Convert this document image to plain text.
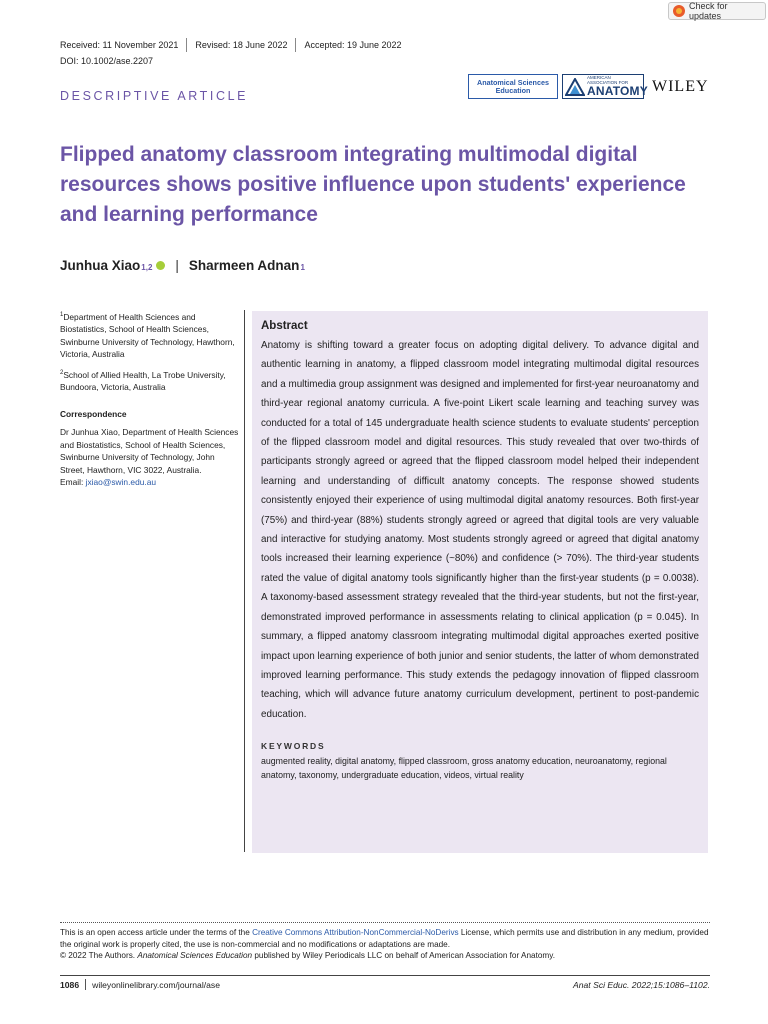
Check for updates
Received: 11 November 2021 Revised: 18 June 2022 Accepted: 19 June 2022
DOI: 10.1002/ase.2207
DESCRIPTIVE ARTICLE
Anatomical Sciences
Education
AMERICAN
ASSOCIATION FOR
ANATOMY WILEY
Flipped anatomy classroom integrating multimodal digital resources shows positive influence upon students' experience and learning performance
Junhua Xiao 1,2 | Sharmeen Adnan 1

$^1$Department of Health Sciences and Biostatistics, School of Health Sciences, Swinburne University of Technology, Hawthorn, Victoria, Australia

$^2$School of Allied Health, La Trobe University, Bundoora, Victoria, Australia

Correspondence

Dr Junhua Xiao, Department of Health Sciences and Biostatistics, School of Health Sciences, Swinburne University of Technology, John Street, Hawthorn, VIC 3022, Australia.
Email: jxiao@swin.edu.au

Abstract

Anatomy is shifting toward a greater focus on adopting digital delivery. To advance digital and authentic learning in anatomy, a flipped classroom model integrating multimodal digital resources and a multimedia group assignment was designed and implemented for first-year neuroanatomy and third-year regional anatomy curricula. A five-point Likert scale learning and teaching survey was conducted for a total of 145 undergraduate health science students to evaluate students' perception of the flipped classroom model and digital resources. This study revealed that over two-thirds of participants strongly agreed or agreed that the flipped classroom model helped their independent learning and understanding of difficult anatomy concepts. The response showed students consistently enjoyed their experience of using multimodal digital anatomy resources. Both first-year (75%) and third-year (88%) students strongly agreed or agreed that digital tools are very valuable and interactive for studying anatomy. Most students strongly agreed or agreed that digital anatomy tools increased their learning experience (~80%) and confidence (> 70%). The third-year students rated the value of digital anatomy tools significantly higher than the first-year students (p = 0.0038). A taxonomy-based assessment strategy revealed that the third-year students, but not the first-year, demonstrated improved performance in assessments relating to clinical application (p = 0.045). In summary, a flipped anatomy classroom integrating multimodal digital approaches exerted positive impact upon learning experience of both junior and senior students, the latter of whom demonstrated improved learning performance. This study extends the pedagogy innovation of flipped classroom teaching, which will advance future anatomy curriculum development, pertinent to post-pandemic education.

KEYWORDS

augmented reality, digital anatomy, flipped classroom, gross anatomy education, neuroanatomy, regional anatomy, taxonomy, undergraduate education, videos, virtual reality

This is an open access article under the terms of the Creative Commons Attribution-NonCommercial-NoDerivs License, which permits use and distribution in any medium, provided the original work is properly cited, the use is non-commercial and no modifications or adaptations are made.
© 2022 The Authors. Anatomical Sciences Education published by Wiley Periodicals LLC on behalf of American Association for Anatomy.
1086 wileyonlinelibrary.com/journal/ase	Anat Sci Educ. 2022;15:1086–1102.
